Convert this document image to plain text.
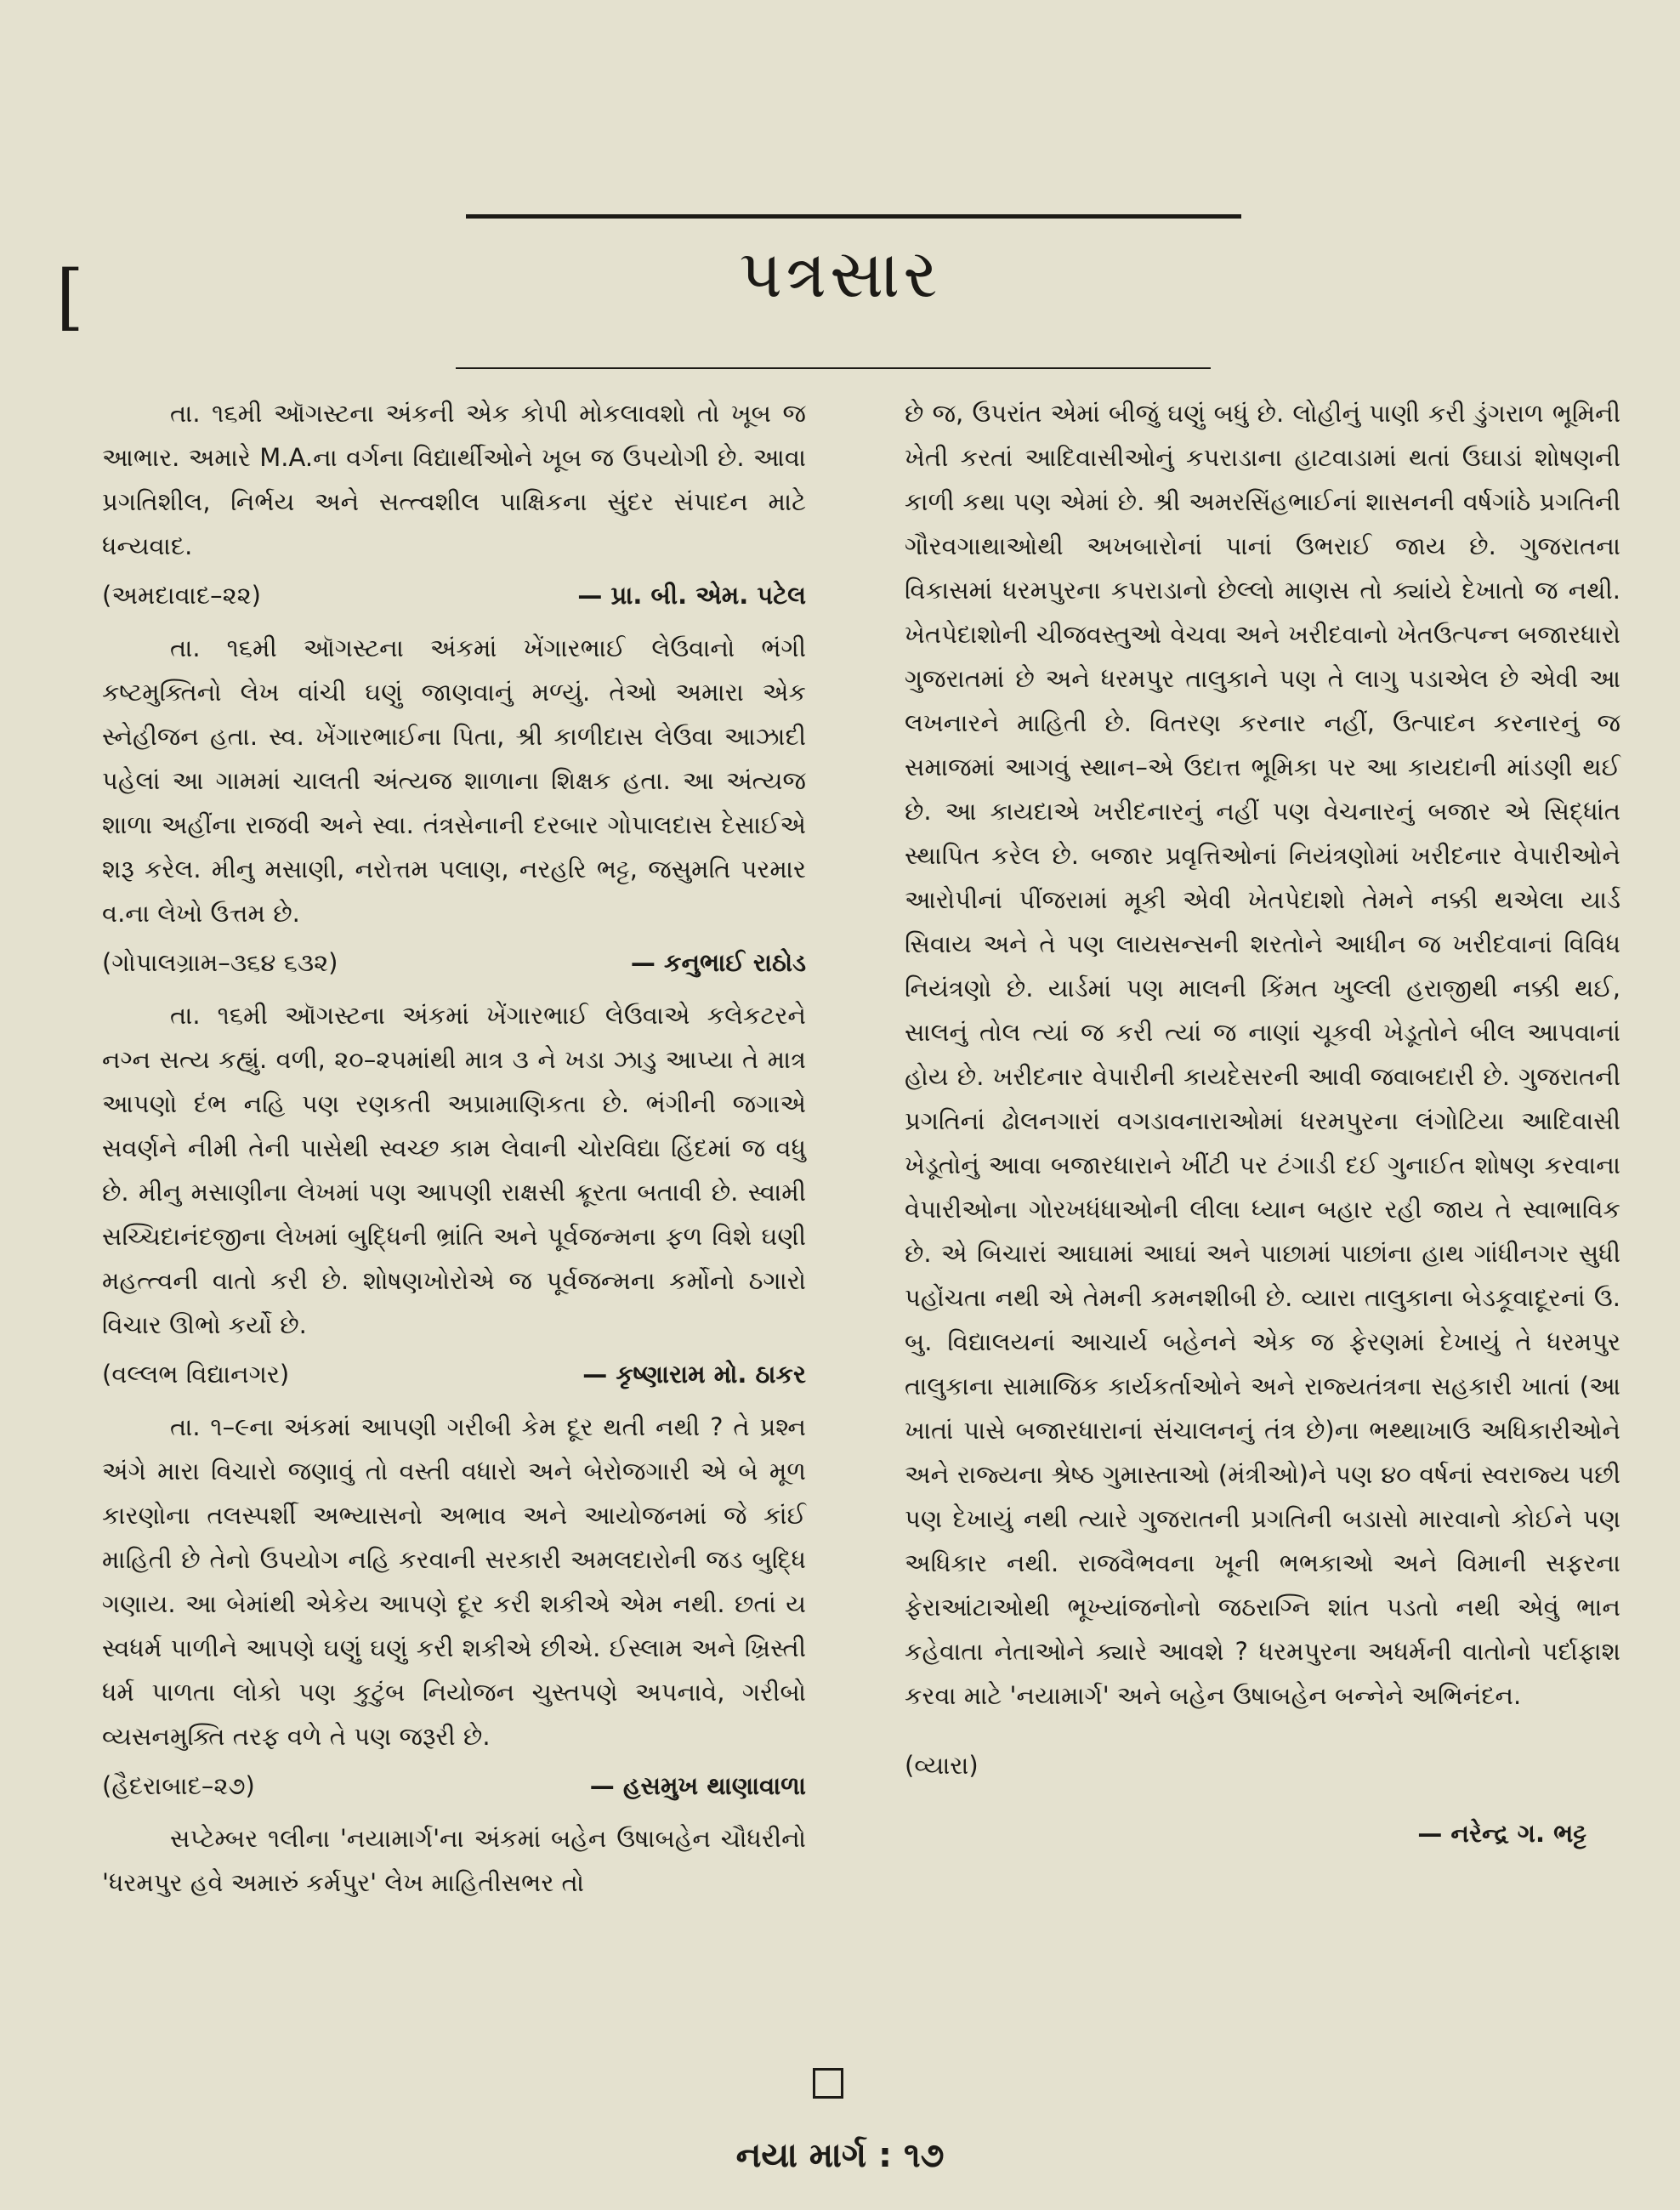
[	પત્રસાર

તા. ૧૬મી ઑગસ્ટના અંકની એક કોપી મોકલાવશો તો ખૂબ જ આભાર. અમારે M.A.ના વર્ગના વિદ્યાર્થીઓને ખૂબ જ ઉપયોગી છે. આવા પ્રગતિશીલ, નિર્ભય અને સત્ત્વશીલ પાક્ષિકના સુંદર સંપાદન માટે ધન્યવાદ.

(અમદાવાદ–૨૨)	— પ્રા. બી. એમ. પટેલ

તા. ૧૬મી ઑગસ્ટના અંકમાં ખેંગારભાઈ લેઉવાનો ભંગી કષ્ટમુક્તિનો લેખ વાંચી ઘણું જાણવાનું મળ્યું. તેઓ અમારા એક સ્નેહીજન હતા. સ્વ. ખેંગારભાઈના પિતા, શ્રી કાળીદાસ લેઉવા આઝાદી પહેલાં આ ગામમાં ચાલતી અંત્યજ શાળાના શિક્ષક હતા. આ અંત્યજ શાળા અહીંના રાજવી અને સ્વા. તંત્રસેનાની દરબાર ગોપાલદાસ દેસાઈએ શરૂ કરેલ. મીનુ મસાણી, નરોત્તમ પલાણ, નરહરિ ભટ્ટ, જસુમતિ પરમાર વ.ના લેખો ઉત્તમ છે.

(ગોપાલગ્રામ–૩૬૪ ૬૩૨)	— કનુભાઈ રાઠોડ

તા. ૧૬મી ઑગસ્ટના અંકમાં ખેંગારભાઈ લેઉવાએ કલેકટરને નગ્ન સત્ય કહ્યું. વળી, ૨૦–૨૫માંથી માત્ર ૩ ને ખડા ઝાડુ આપ્યા તે માત્ર આપણો દંભ નહિ પણ રણકતી અપ્રામાણિકતા છે. ભંગીની જગાએ સવર્ણને નીમી તેની પાસેથી સ્વચ્છ કામ લેવાની ચોરવિદ્યા હિંદમાં જ વધુ છે. મીનુ મસાણીના લેખમાં પણ આપણી રાક્ષસી ક્રૂરતા બતાવી છે. સ્વામી સચ્ચિદાનંદજીના લેખમાં બુદ્ધિની ભ્રાંતિ અને પૂર્વજન્મના ફળ વિશે ઘણી મહત્ત્વની વાતો કરી છે. શોષણખોરોએ જ પૂર્વજન્મના કર્મોનો ઠગારો વિચાર ઊભો કર્યો છે.

(વલ્લભ વિદ્યાનગર)	— કૃષ્ણારામ મો. ઠાકર

તા. ૧–૯ના અંકમાં આપણી ગરીબી કેમ દૂર થતી નથી ? તે પ્રશ્ન અંગે મારા વિચારો જણાવું તો વસ્તી વધારો અને બેરોજગારી એ બે મૂળ કારણોના તલસ્પર્શી અભ્યાસનો અભાવ અને આયોજનમાં જે કાંઈ માહિતી છે તેનો ઉપયોગ નહિ કરવાની સરકારી અમલદારોની જડ બુદ્ધિ ગણાય. આ બેમાંથી એકેય આપણે દૂર કરી શકીએ એમ નથી. છતાં ય સ્વધર્મ પાળીને આપણે ઘણું ઘણું કરી શકીએ છીએ. ઈસ્લામ અને ખ્રિસ્તી ધર્મ પાળતા લોકો પણ કુટુંબ નિયોજન ચુસ્તપણે અપનાવે, ગરીબો વ્યસનમુક્તિ તરફ વળે તે પણ જરૂરી છે.

(હૈદરાબાદ–૨૭)	— હસમુખ થાણાવાળા

સપ્ટેમ્બર ૧લીના 'નયામાર્ગ'ના અંકમાં બહેન ઉષાબહેન ચૌધરીનો 'ધરમપુર હવે અમારું કર્મપુર' લેખ માહિતીસભર તો

છે જ, ઉપરાંત એમાં બીજું ઘણું બધું છે. લોહીનું પાણી કરી ડુંગરાળ ભૂમિની ખેતી કરતાં આદિવાસીઓનું કપરાડાના હાટવાડામાં થતાં ઉઘાડાં શોષણની કાળી કથા પણ એમાં છે. શ્રી અમરસિંહભાઈનાં શાસનની વર્ષગાંઠે પ્રગતિની ગૌરવગાથાઓથી અખબારોનાં પાનાં ઉભરાઈ જાય છે. ગુજરાતના વિકાસમાં ધરમપુરના કપરાડાનો છેલ્લો માણસ તો ક્યાંયે દેખાતો જ નથી. ખેતપેદાશોની ચીજવસ્તુઓ વેચવા અને ખરીદવાનો ખેતઉત્પન્ન બજારધારો ગુજરાતમાં છે અને ધરમપુર તાલુકાને પણ તે લાગુ પડાએલ છે એવી આ લખનારને માહિતી છે. વિતરણ કરનાર નહીં, ઉત્પાદન કરનારનું જ સમાજમાં આગવું સ્થાન–એ ઉદાત્ત ભૂમિકા પર આ કાયદાની માંડણી થઈ છે. આ કાયદાએ ખરીદનારનું નહીં પણ વેચનારનું બજાર એ સિદ્ધાંત સ્થાપિત કરેલ છે. બજાર પ્રવૃત્તિઓનાં નિયંત્રણોમાં ખરીદનાર વેપારીઓને આરોપીનાં પીંજરામાં મૂકી એવી ખેતપેદાશો તેમને નક્કી થએલા યાર્ડ સિવાય અને તે પણ લાયસન્સની શરતોને આધીન જ ખરીદવાનાં વિવિધ નિયંત્રણો છે. યાર્ડમાં પણ માલની કિંમત ખુલ્લી હરાજીથી નક્કી થઈ, સાલનું તોલ ત્યાં જ કરી ત્યાં જ નાણાં ચૂકવી ખેડૂતોને બીલ આપવાનાં હોય છે. ખરીદનાર વેપારીની કાયદેસરની આવી જવાબદારી છે. ગુજરાતની પ્રગતિનાં ઢોલનગારાં વગડાવનારાઓમાં ધરમપુરના લંગોટિયા આદિવાસી ખેડૂતોનું આવા બજારધારાને ખીંટી પર ટંગાડી દઈ ગુનાઈત શોષણ કરવાના વેપારીઓના ગોરખધંધાઓની લીલા ધ્યાન બહાર રહી જાય તે સ્વાભાવિક છે. એ બિચારાં આઘામાં આઘાં અને પાછામાં પાછાંના હાથ ગાંધીનગર સુધી પહોંચતા નથી એ તેમની કમનશીબી છે. વ્યારા તાલુકાના બેડકૂવાદૂરનાં ઉ. બુ. વિદ્યાલયનાં આચાર્ય બહેનને એક જ ફેરણમાં દેખાયું તે ધરમપુર તાલુકાના સામાજિક કાર્યકર્તાઓને અને રાજ્યતંત્રના સહકારી ખાતાં (આ ખાતાં પાસે બજારધારાનાં સંચાલનનું તંત્ર છે)ના ભથ્થાખાઉ અધિકારીઓને અને રાજ્યના શ્રેષ્ઠ ગુમાસ્તાઓ (મંત્રીઓ)ને પણ ૪૦ વર્ષનાં સ્વરાજ્ય પછી પણ દેખાયું નથી ત્યારે ગુજરાતની પ્રગતિની બડાસો મારવાનો કોઈને પણ અધિકાર નથી. રાજવૈભવના ખૂની ભભકાઓ અને વિમાની સફરના ફેરાઆંટાઓથી ભૂખ્યાંજનોનો જઠરાગ્નિ શાંત પડતો નથી એવું ભાન કહેવાતા નેતાઓને ક્યારે આવશે ? ધરમપુરના અધર્મની વાતોનો પર્દાફાશ કરવા માટે 'નયામાર્ગ' અને બહેન ઉષાબહેન બન્નેને અભિનંદન.

(વ્યારા)
— નરેન્દ્ર ગ. ભટ્ટ
નયા માર્ગ : ૧૭
